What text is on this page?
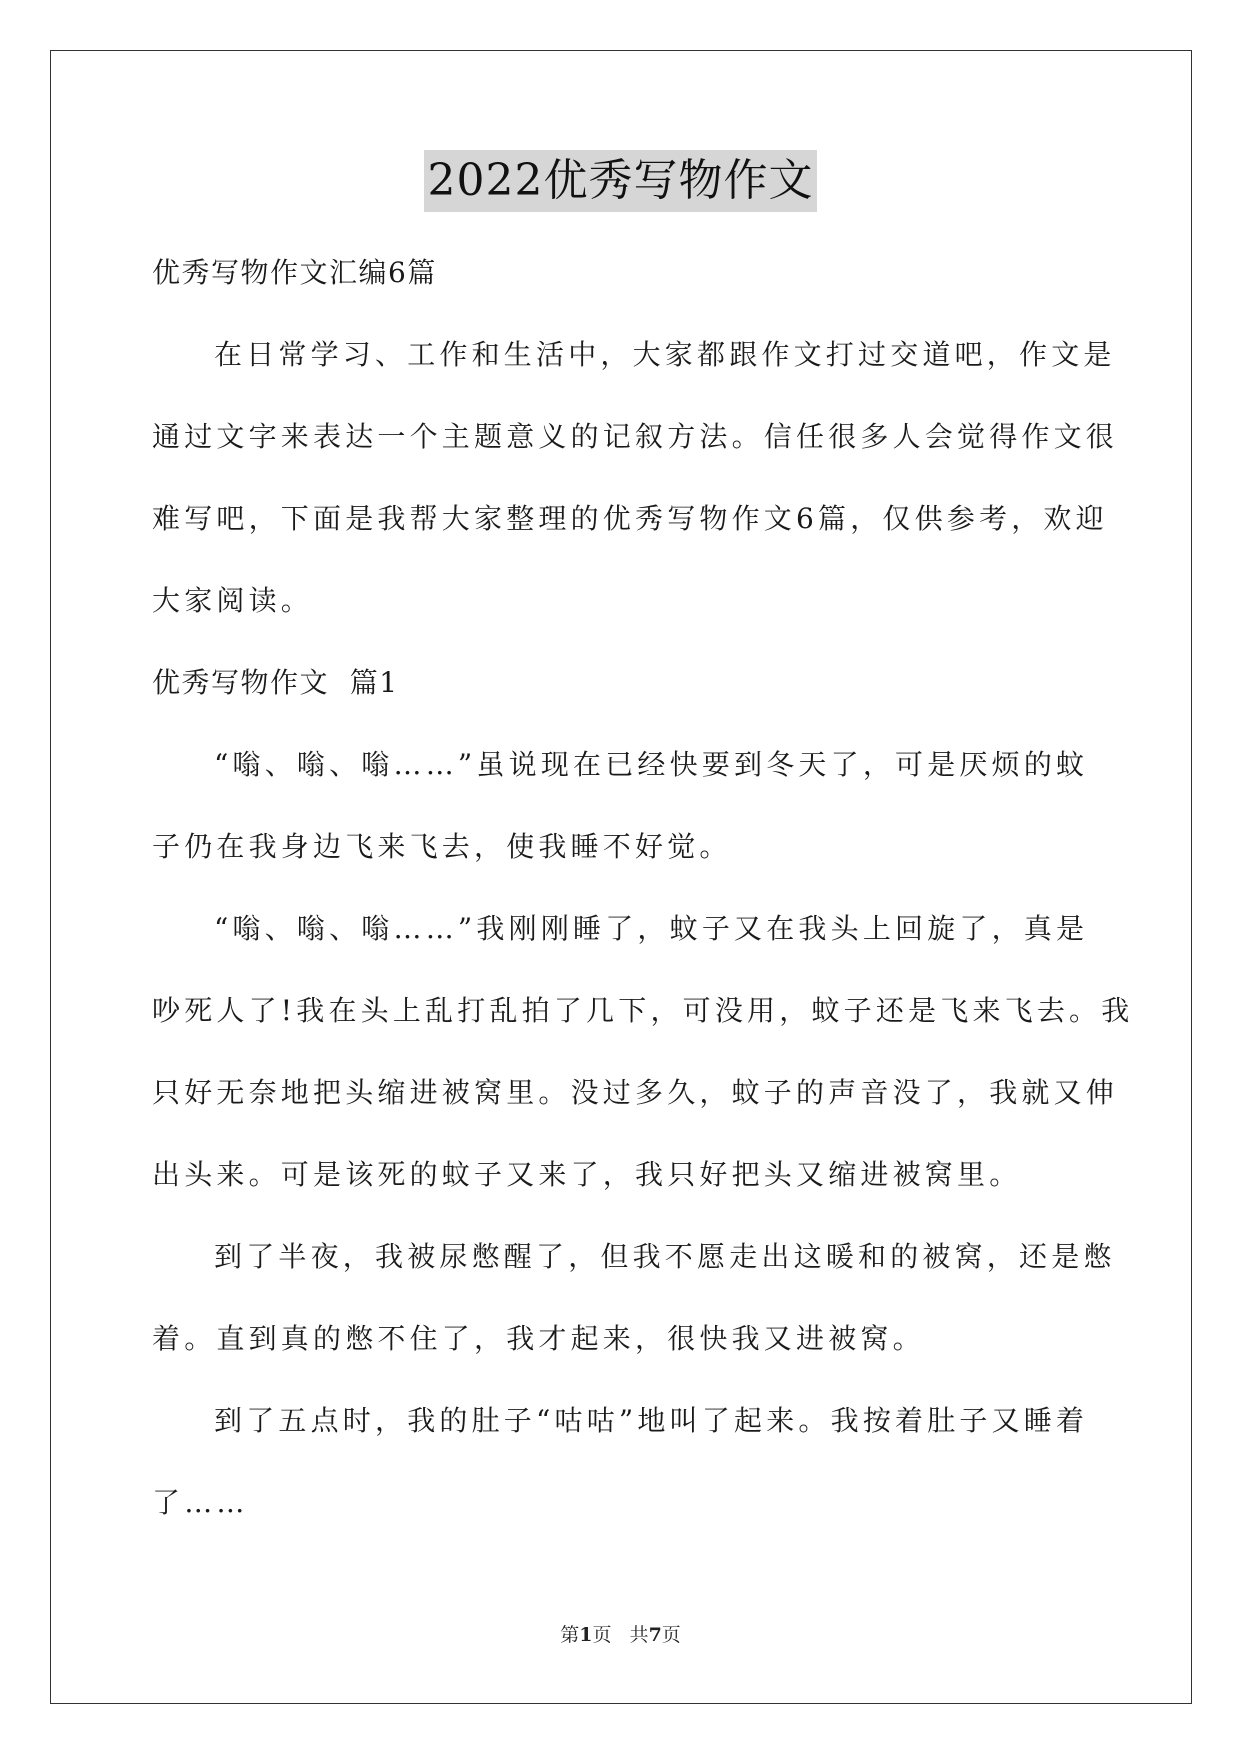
2022优秀写物作文
优秀写物作文汇编6篇
在日常学习、工作和生活中，大家都跟作文打过交道吧，作文是
通过文字来表达一个主题意义的记叙方法。信任很多人会觉得作文很
难写吧，下面是我帮大家整理的优秀写物作文6篇，仅供参考，欢迎
大家阅读。
优秀写物作文  篇1
“嗡、嗡、嗡……”虽说现在已经快要到冬天了，可是厌烦的蚊
子仍在我身边飞来飞去，使我睡不好觉。
“嗡、嗡、嗡……”我刚刚睡了，蚊子又在我头上回旋了，真是
吵死人了!我在头上乱打乱拍了几下，可没用，蚊子还是飞来飞去。我
只好无奈地把头缩进被窝里。没过多久，蚊子的声音没了，我就又伸
出头来。可是该死的蚊子又来了，我只好把头又缩进被窝里。
到了半夜，我被尿憋醒了，但我不愿走出这暖和的被窝，还是憋
着。直到真的憋不住了，我才起来，很快我又进被窝。
到了五点时，我的肚子“咕咕”地叫了起来。我按着肚子又睡着
了……
第1页   共7页
